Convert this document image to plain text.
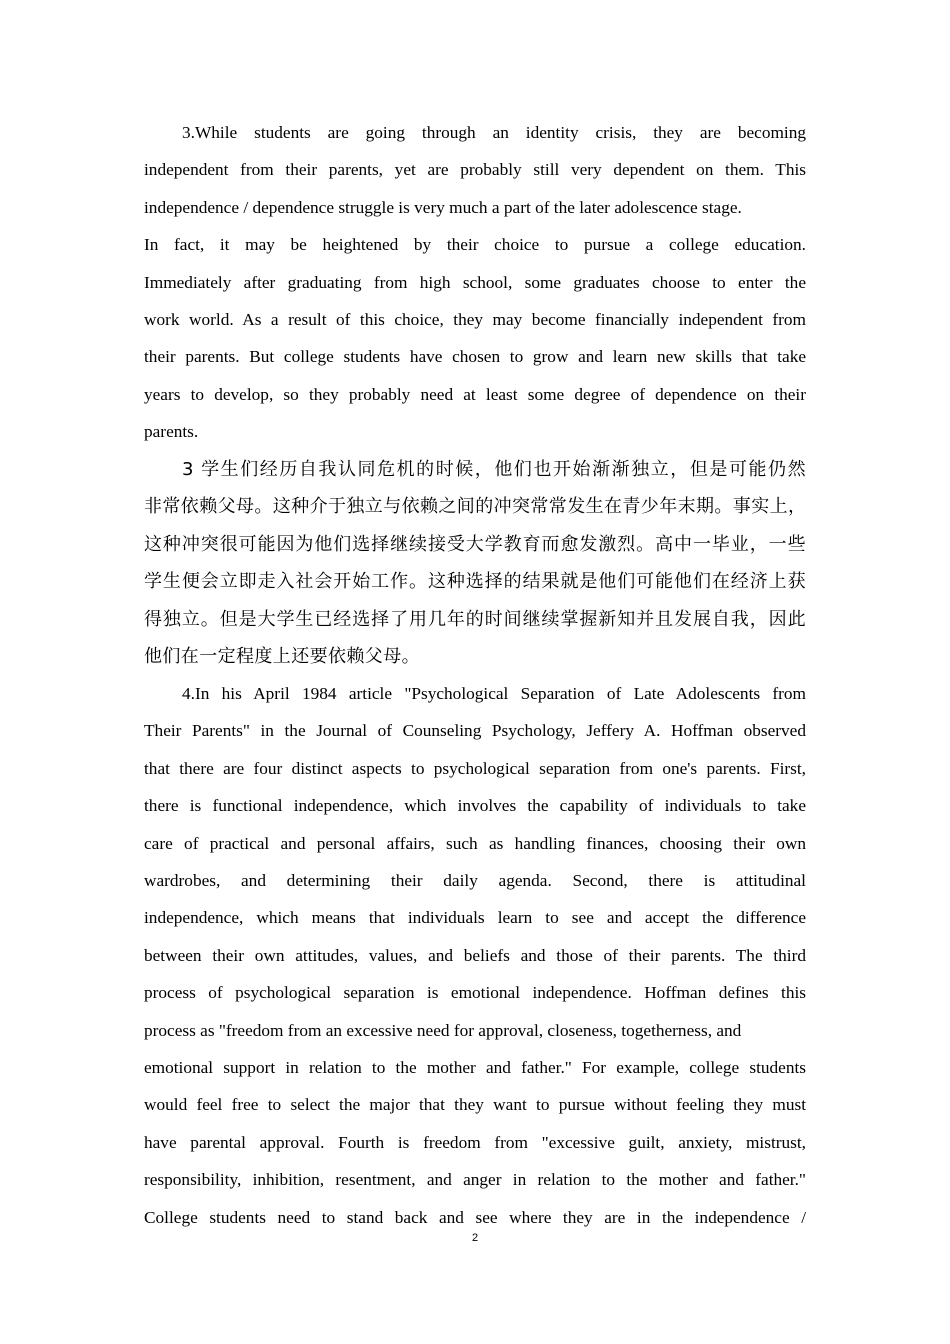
3.While students are going through an identity crisis, they are becoming
independent from their parents, yet are probably still very dependent on them. This
independence / dependence struggle is very much a part of the later adolescence stage.
In fact, it may be heightened by their choice to pursue a college education.
Immediately after graduating from high school, some graduates choose to enter the
work world. As a result of this choice, they may become financially independent from
their parents. But college students have chosen to grow and learn new skills that take
years to develop, so they probably need at least some degree of dependence on their
parents.

3 学生们经历自我认同危机的时候，他们也开始渐渐独立，但是可能仍然
非常依赖父母。这种介于独立与依赖之间的冲突常常发生在青少年末期。事实上，
这种冲突很可能因为他们选择继续接受大学教育而愈发激烈。高中一毕业，一些
学生便会立即走入社会开始工作。这种选择的结果就是他们可能他们在经济上获
得独立。但是大学生已经选择了用几年的时间继续掌握新知并且发展自我，因此
他们在一定程度上还要依赖父母。

4.In his April 1984 article "Psychological Separation of Late Adolescents from
Their Parents" in the Journal of Counseling Psychology, Jeffery A. Hoffman observed
that there are four distinct aspects to psychological separation from one's parents. First,
there is functional independence, which involves the capability of individuals to take
care of practical and personal affairs, such as handling finances, choosing their own
wardrobes, and determining their daily agenda. Second, there is attitudinal
independence, which means that individuals learn to see and accept the difference
between their own attitudes, values, and beliefs and those of their parents. The third
process of psychological separation is emotional independence. Hoffman defines this
process as "freedom from an excessive need for approval, closeness, togetherness, and
emotional support in relation to the mother and father." For example, college students
would feel free to select the major that they want to pursue without feeling they must
have parental approval. Fourth is freedom from "excessive guilt, anxiety, mistrust,
responsibility, inhibition, resentment, and anger in relation to the mother and father."
College students need to stand back and see where they are in the independence /

2
